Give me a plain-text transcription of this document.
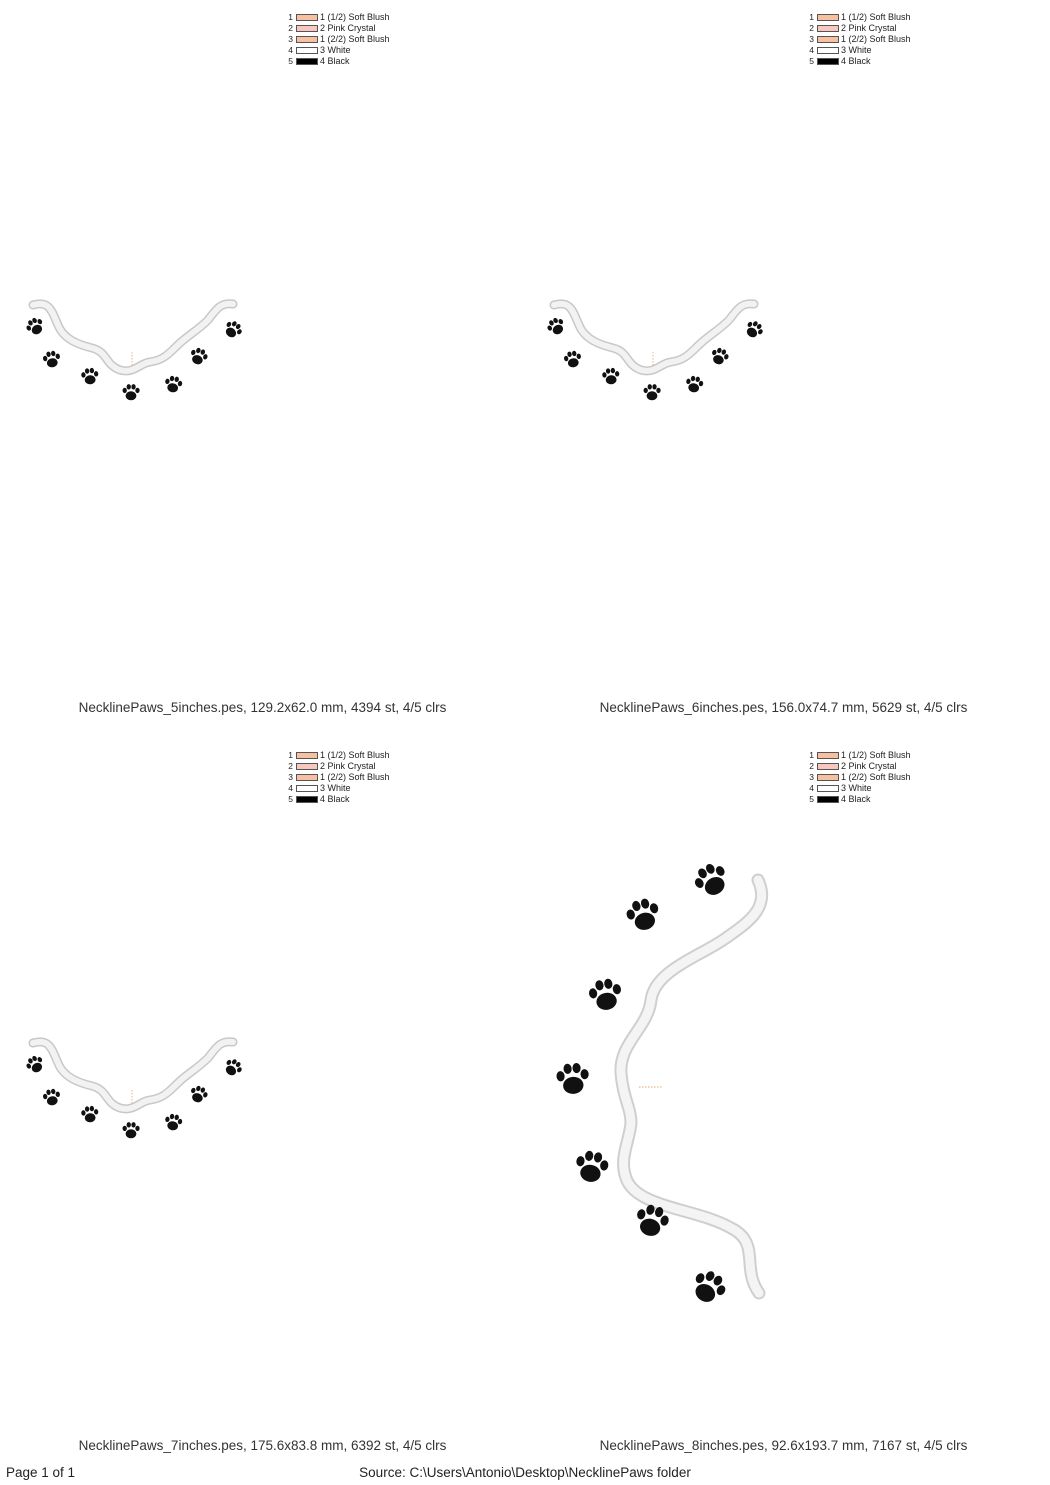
1	1 (1/2) Soft Blush
2	2 Pink Crystal
3	1 (2/2) Soft Blush
4	3 White
5	4 Black
NecklinePaws_5inches.pes, 129.2x62.0 mm, 4394 st, 4/5 clrs
1	1 (1/2) Soft Blush
2	2 Pink Crystal
3	1 (2/2) Soft Blush
4	3 White
5	4 Black
NecklinePaws_6inches.pes, 156.0x74.7 mm, 5629 st, 4/5 clrs
1	1 (1/2) Soft Blush
2	2 Pink Crystal
3	1 (2/2) Soft Blush
4	3 White
5	4 Black
NecklinePaws_7inches.pes, 175.6x83.8 mm, 6392 st, 4/5 clrs
1	1 (1/2) Soft Blush
2	2 Pink Crystal
3	1 (2/2) Soft Blush
4	3 White
5	4 Black
NecklinePaws_8inches.pes, 92.6x193.7 mm, 7167 st, 4/5 clrs
Page 1 of 1	Source: C:\Users\Antonio\Desktop\NecklinePaws folder
